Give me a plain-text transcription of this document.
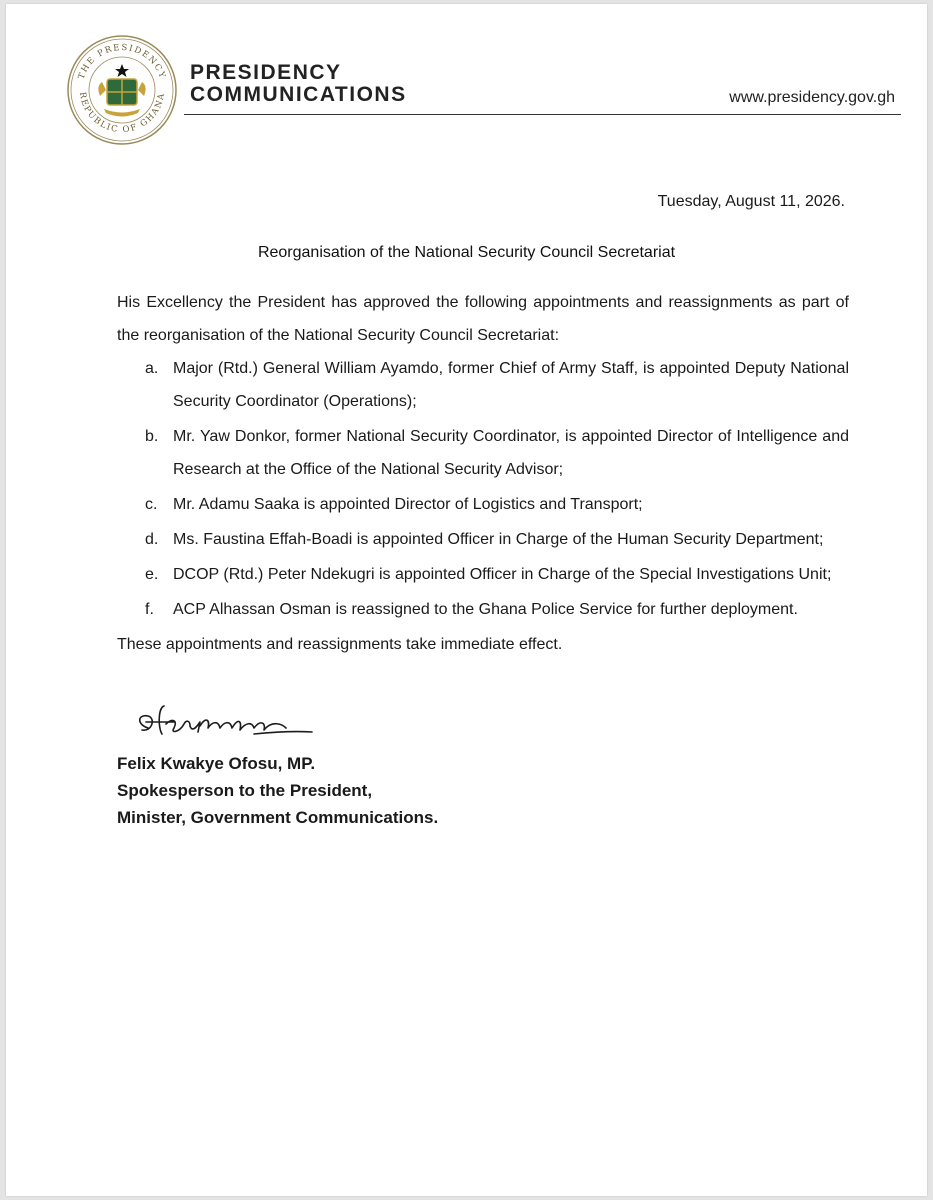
THE PRESIDENCY
REPUBLIC OF GHANA
PRESIDENCY
COMMUNICATIONS	www.presidency.gov.gh
Tuesday, August 11, 2026.
Reorganisation of the National Security Council Secretariat

His Excellency the President has approved the following appointments and reassignments as part of the reorganisation of the National Security Council Secretariat:

a. Major (Rtd.) General William Ayamdo, former Chief of Army Staff, is appointed Deputy National Security Coordinator (Operations);
b. Mr. Yaw Donkor, former National Security Coordinator, is appointed Director of Intelligence and Research at the Office of the National Security Advisor;
c. Mr. Adamu Saaka is appointed Director of Logistics and Transport;
d. Ms. Faustina Effah-Boadi is appointed Officer in Charge of the Human Security Department;
e. DCOP (Rtd.) Peter Ndekugri is appointed Officer in Charge of the Special Investigations Unit;
f. ACP Alhassan Osman is reassigned to the Ghana Police Service for further deployment.

These appointments and reassignments take immediate effect.

Felix Kwakye Ofosu, MP.
Spokesperson to the President,
Minister, Government Communications.
